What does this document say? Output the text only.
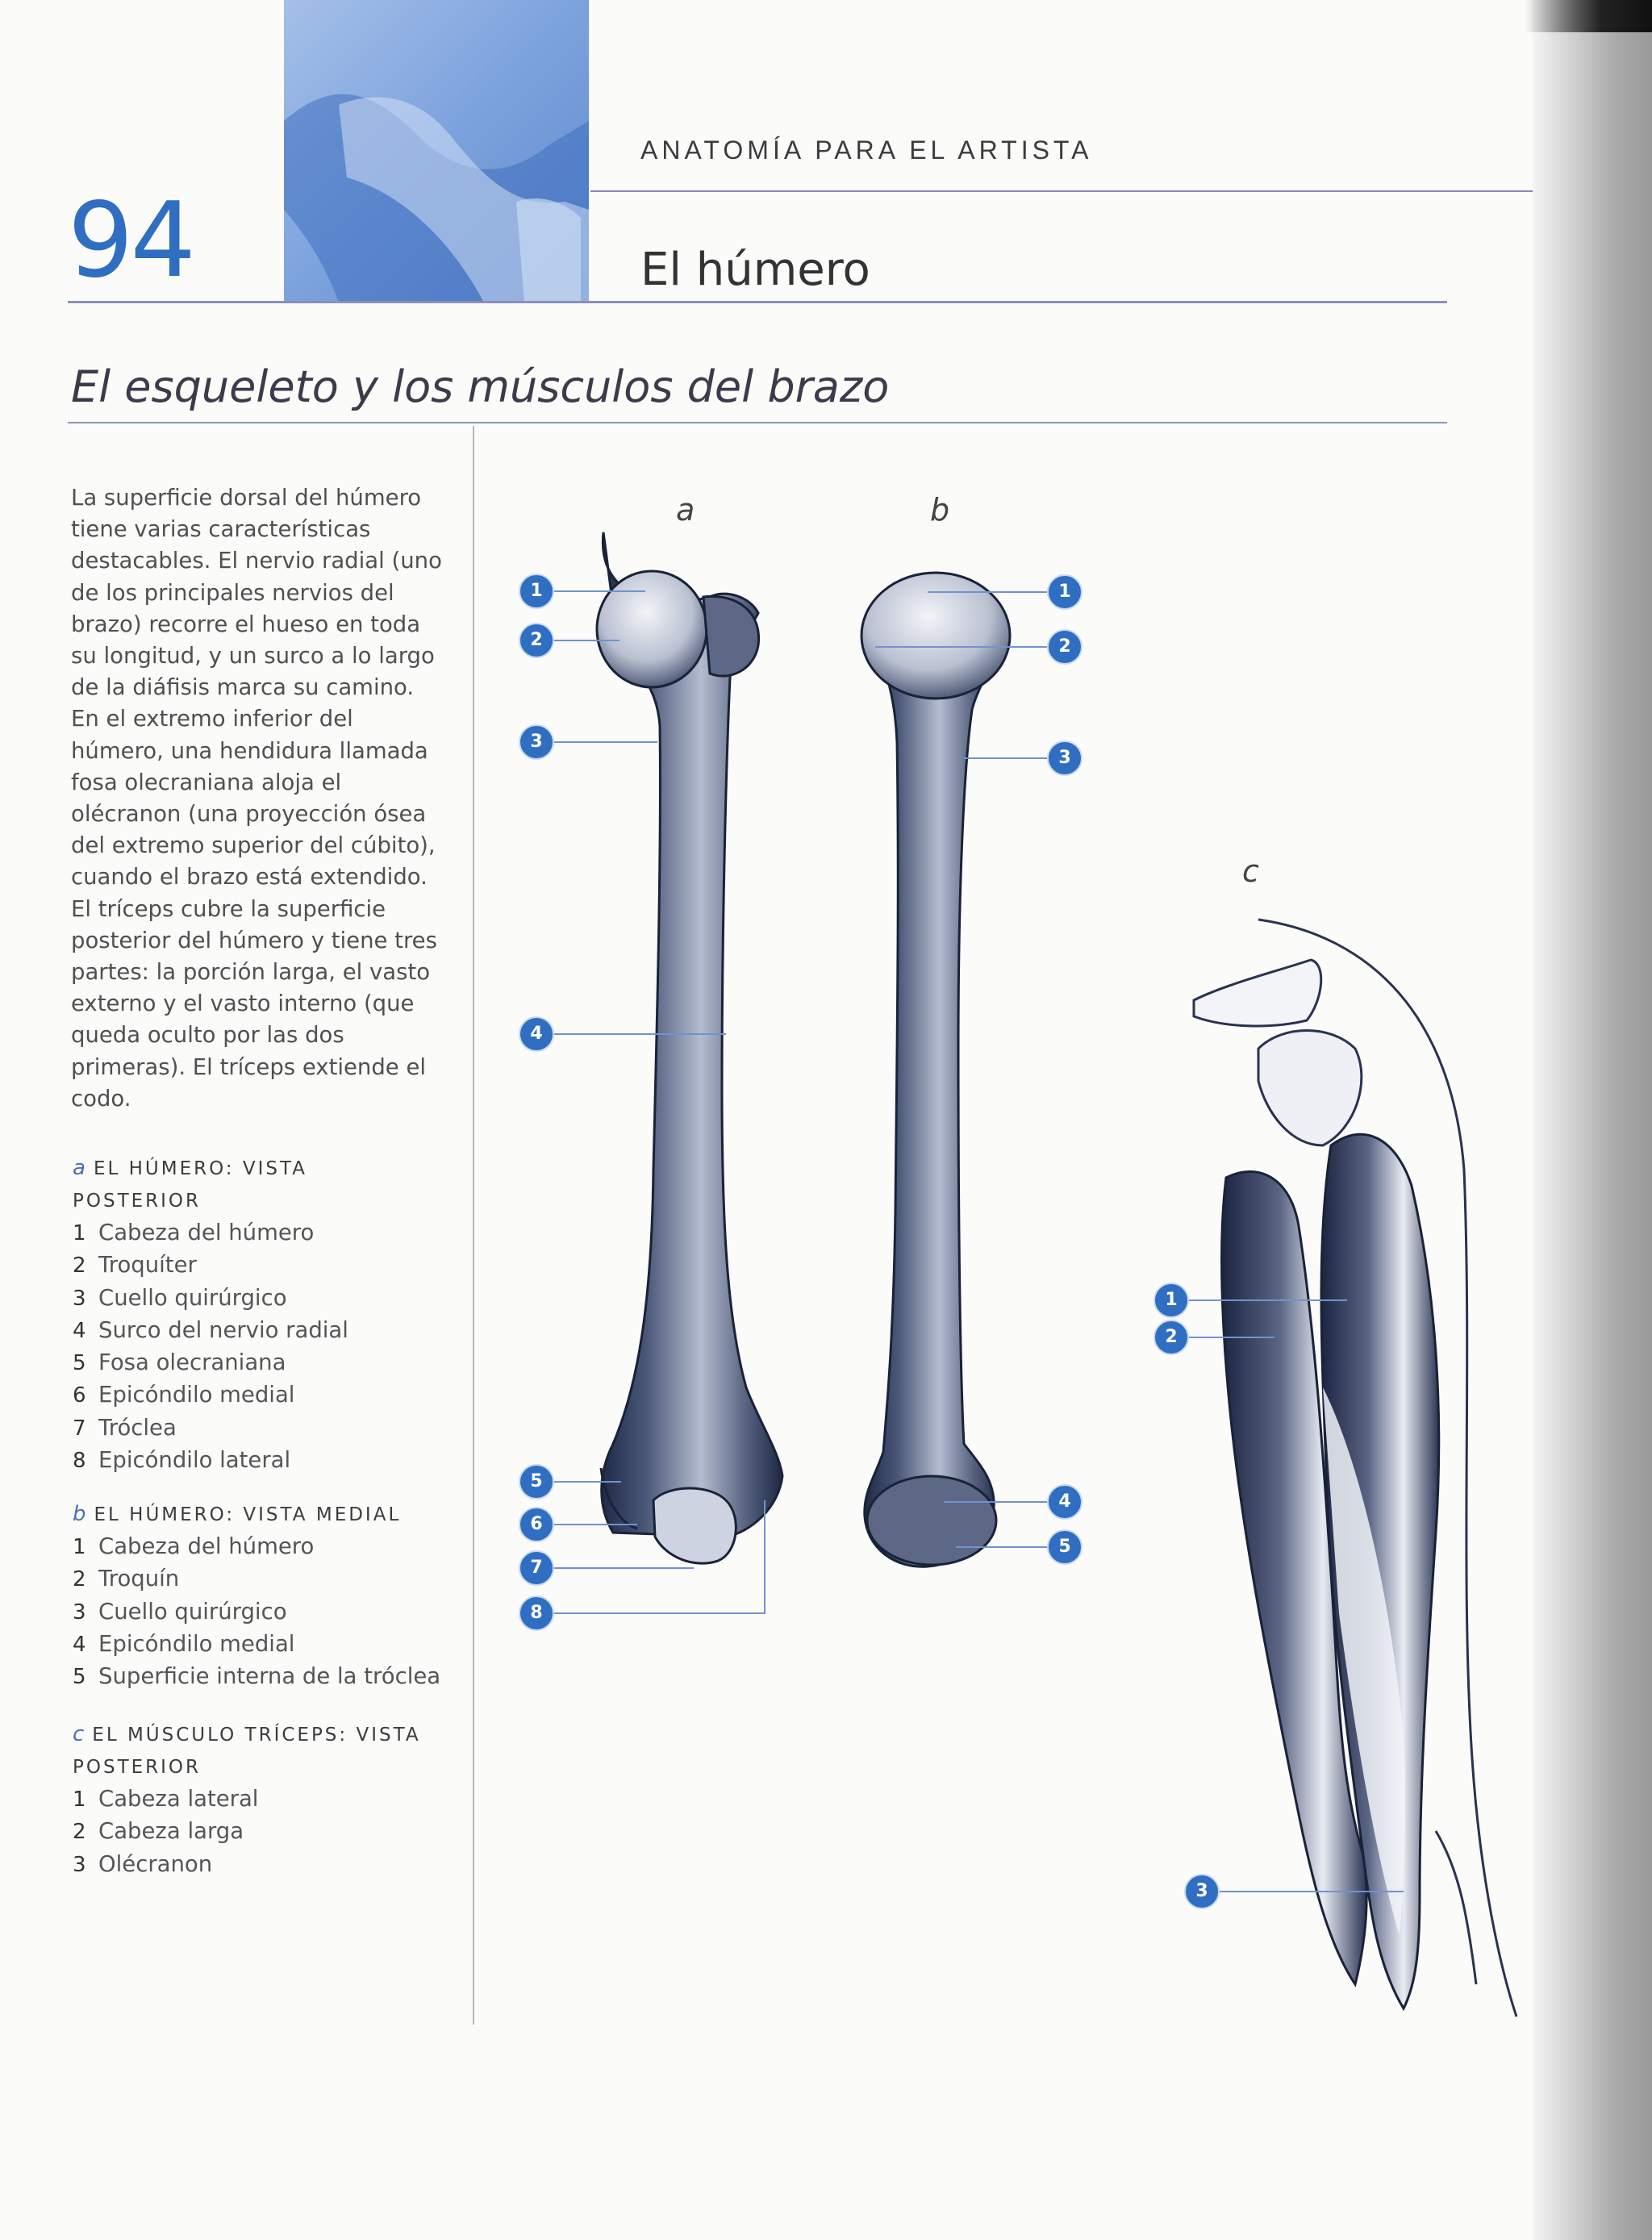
94
ANATOMÍA PARA EL ARTISTA
El húmero
El esqueleto y los músculos del brazo
La superficie dorsal del húmero tiene varias características destacables. El nervio radial (uno de los principales nervios del brazo) recorre el hueso en toda su longitud, y un surco a lo largo de la diáfisis marca su camino. En el extremo inferior del húmero, una hendidura llamada fosa olecraniana aloja el olécranon (una proyección ósea del extremo superior del cúbito), cuando el brazo está extendido. El tríceps cubre la superficie posterior del húmero y tiene tres partes: la porción larga, el vasto externo y el vasto interno (que queda oculto por las dos primeras). El tríceps extiende el codo.
a EL HÚMERO: VISTA
POSTERIOR
1 Cabeza del húmero
2 Troquíter
3 Cuello quirúrgico
4 Surco del nervio radial
5 Fosa olecraniana
6 Epicóndilo medial
7 Tróclea
8 Epicóndilo lateral
b EL HÚMERO: VISTA MEDIAL
1 Cabeza del húmero
2 Troquín
3 Cuello quirúrgico
4 Epicóndilo medial
5 Superficie interna de la tróclea
c EL MÚSCULO TRÍCEPS: VISTA
POSTERIOR
1 Cabeza lateral
2 Cabeza larga
3 Olécranon
a	b
c
1
2
3
4
5
6
7
8
1
2
3
4
5
1
2
3
